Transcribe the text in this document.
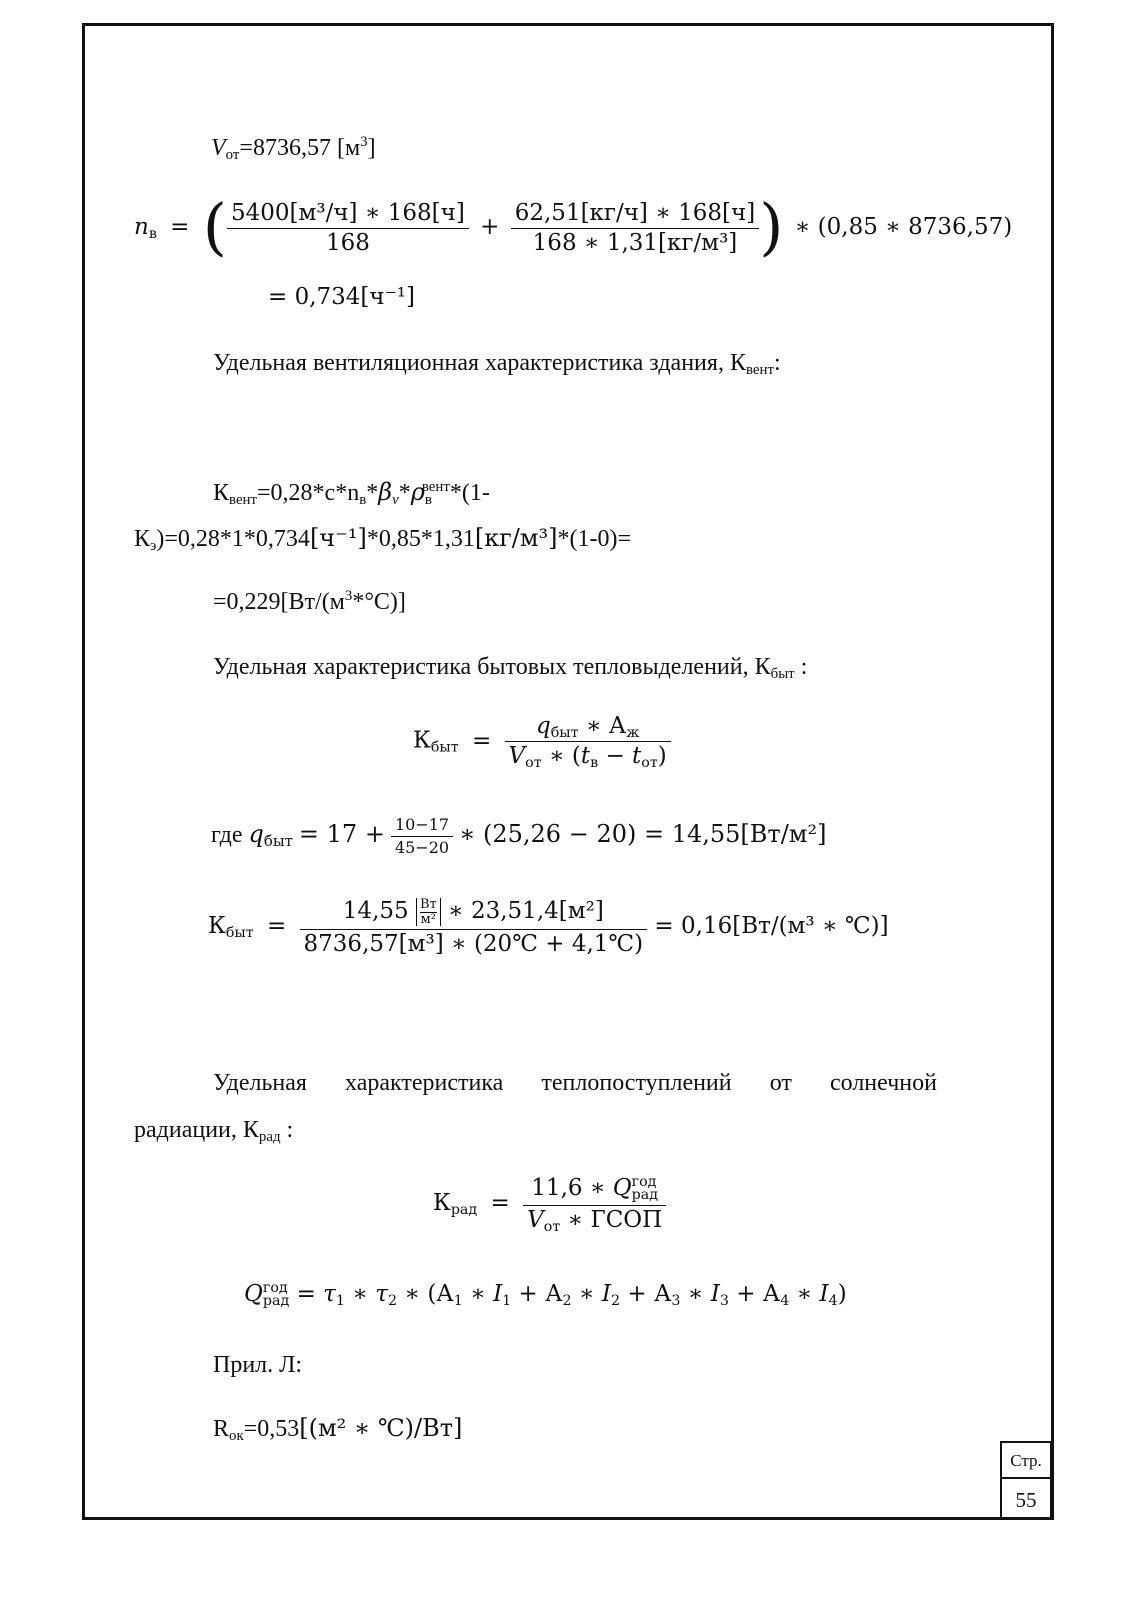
$V_{от}=8736,57$ $[м^3]$
$n_в$ = ( $\frac{\text{5400[м³/ч] ∗ 168[ч]}}{168} + \frac{62,51[кг/ч] ∗ 168[ч]}{\text{168 ∗ 1,31[кг/м³]}}$ ) ∗ (0,85 ∗ 8736,57)
= 0,734[ч⁻¹]
Удельная вентиляционная характеристика здания, $К_{вент}$:
$К_{вент}=0,28*c*n_в*\beta_\nu*\rho_в^{вент}*(1-$
$К_э)=0,28*1*0,734[ч^{-1}]*0,85*1,31[кг/м^3]*(1-0)=$
$=0,229[Вт/(м^3*^\circ С)]$
Удельная характеристика бытовых тепловыделений, $К_{быт}$ :
$К_{быт} = \frac{q_{быт} ∗ А_ж}{V_{от} ∗ (t_в - t_{от})}$
где $q_{быт} = 17 + \frac{10-17}{45-20}$ ∗ (25,26 − 20) = 14,55[Вт/м²]
$К_{быт} = \frac{14,55 \frac{Вт}{\text{м²}} ∗ 23,51,4[м^2]}{\text{8736,57[м³] ∗ (20℃ + 4,1℃)}} = 0,16[Вт/(м^3$ ∗ ℃)]
Удельная характеристика теплопоступлений от солнечной
радиации, $К_{рад}$ :
$К_{рад} = 11,6$ ∗ Q год
рад
$V_{от}$ ∗ ГСОП
Q год
рад = $\tau_1$ ∗ $\tau_2$ ∗ ($А_1$ ∗ $I_1 + А_2$ ∗ $I_2 + А_3$ ∗ $I_3 + А_4$ ∗ $I_4$)
Прил. Л:
$R_{ок}=0,53[(м^2$ ∗ ℃)/Вт]
Стр.
55
